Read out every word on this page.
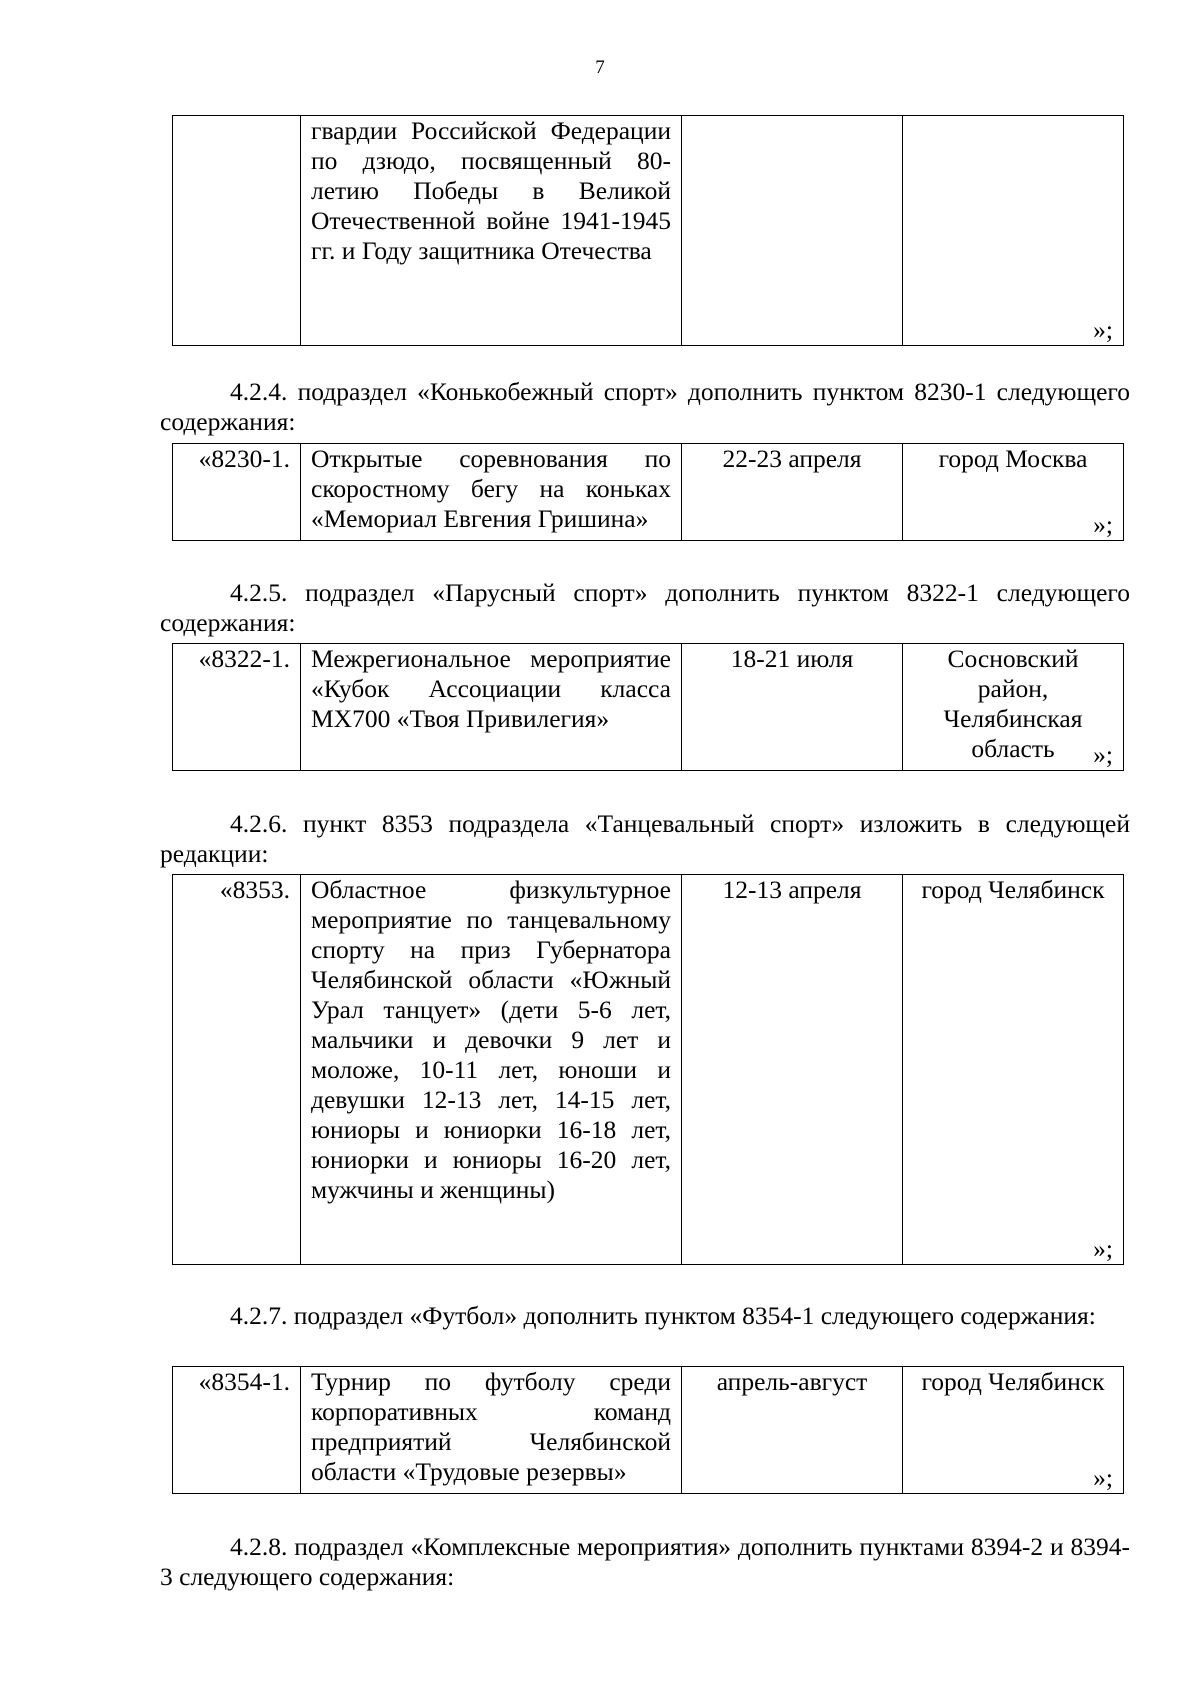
7
	гвардии Российской Федерации по дзюдо, посвященный 80-летию Победы в Великой Отечественной войне 1941-1945 гг. и Году защитника Отечества		
»;
4.2.4. подраздел «Конькобежный спорт» дополнить пунктом 8230-1 следующего содержания:
«8230-1.	Открытые соревнования по скоростному бегу на коньках «Мемориал Евгения Гришина»	22-23 апреля	город Москва
»;
4.2.5. подраздел «Парусный спорт» дополнить пунктом 8322-1 следующего содержания:
«8322-1.	Межрегиональное мероприятие «Кубок Ассоциации класса МХ700 «Твоя Привилегия»	18-21 июля	Сосновский район, Челябинская область »;
4.2.6. пункт 8353 подраздела «Танцевальный спорт» изложить в следующей редакции:
«8353.	Областное физкультурное мероприятие по танцевальному спорту на приз Губернатора Челябинской области «Южный Урал танцует» (дети 5-6 лет, мальчики и девочки 9 лет и моложе, 10-11 лет, юноши и девушки 12-13 лет, 14-15 лет, юниоры и юниорки 16-18 лет, юниорки и юниоры 16-20 лет, мужчины и женщины)	12-13 апреля	город Челябинск
»;
4.2.7. подраздел «Футбол» дополнить пунктом 8354-1 следующего содержания:
«8354-1.	Турнир по футболу среди корпоративных команд предприятий Челябинской области «Трудовые резервы»	апрель-август	город Челябинск
»;
4.2.8. подраздел «Комплексные мероприятия» дополнить пунктами 8394-2 и 8394-3 следующего содержания:
